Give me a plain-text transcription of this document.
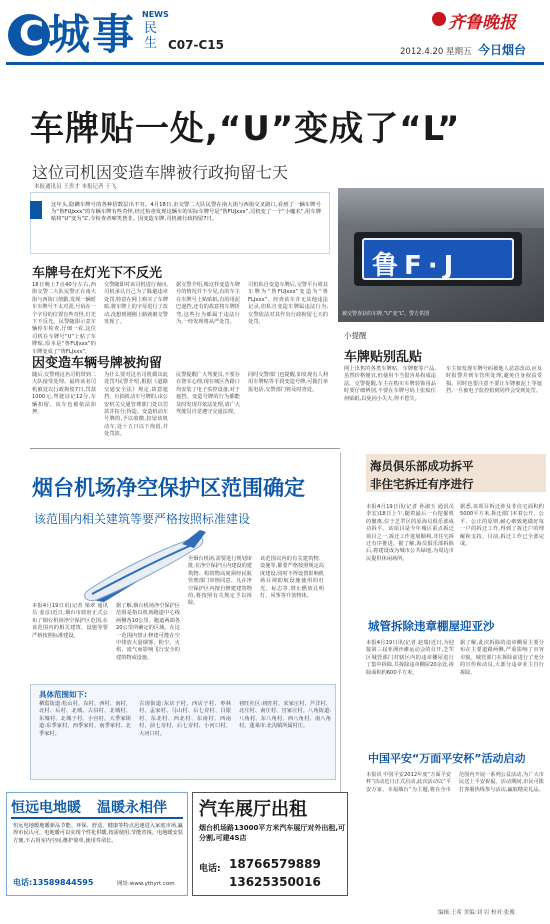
C 城事 NEWS
民生 C07-C15
齐鲁晚报
2012.4.20 星期五 今日烟台
车牌贴一处,“U”变成了“L”
这位司机因变造车牌被行政拘留七天
本报通讯员 王贵才 本报记者 于飞
这年头,隐瞒车牌号的各种招数层出不穷。4月18日,市交警二大队民警在南大街与西街交叉路口,看到了一辆车牌号为“鲁FUJxxx”的车辆车牌有些奇怪,经过检查发现这辆车的实际车牌号是“鲁FUJxxx”,司机变了一个“小魔术”,用车牌贴将“U”变为“L”,令检查者啼笑皆非。因变造车牌,司机被行政拘留7日。
鲁F·J
被交警查获的车牌,“U”变“L”。警方供图
车牌号在灯光下不反光
18日晚上7点40分左右,西街交警二大队民警正在南大街与西街口值勤,发现一辆轿车车牌号不太对劲,号码在一个字母的位置有些奇怪,灯光下不反光。民警随即示意车辆停车检查,仔细一看,这位司机在车牌号“U”上贴了车牌贴,原本是“鲁FUJxxx”的车牌变成了“鲁FLJxxx”。
交警随即对该司机进行询问,司机承认自己为了躲避违章处罚,特意在网上购买了车牌贴,将车牌上的字母进行了改动,没想到刚刚上路就被交警发现了。
据交警介绍,像这样变造车牌号的情况并不少见,有的车主在车牌号上贴贴纸,有的用泥巴遮挡,还有的故意将车牌折弯,这些行为都属于违法行为,一经发现将从严处罚。
司机私自变造车牌后,交警平台将其车牌为“鲁FUJxxx”变造为“鲁FLJxxx”。经查该车并无其他违法记录,但私自变造车牌属违法行为,交警依法对其作出行政拘留七天的处罚。
因变造车辆号牌被拘留
随后,交警将这名司机带到二大队接受处理。最终该名司机被处以行政拘留7日,罚款1000元,驾驶证记12分,车辆扣留。该车也被依法扣押。
为什么要对这名司机做出此处罚?民警介绍,根据《道路交通安全法》规定,故意遮挡、污损机动车号牌的,由公安机关交通管理部门处以罚款并扣分;伪造、变造机动车号牌的,予以收缴,扣留该机动车,处十五日以下拘留,并处罚款。
民警提醒广大驾驶员,不要存在侥幸心理,现在城区各路口均安装了电子监控设备,对于遮挡、变造号牌的行为都能及时发现并依法处理,请广大驾驶员自觉遵守交通法规。
同时交警部门也提醒,如发现有人利用车牌贴等手段变造号牌,可拨打举报电话,交警部门将及时查处。
小提醒
车牌贴别乱贴
网上出售的各类车牌贴、车牌框等产品,虽然价格便宜,但使用不当很容易构成违法。交警提醒,车主在购买车牌装饰用品时要仔细辨别,不要在车牌号码上张贴任何贴纸,以免因小失大,得不偿失。
车主如发现车牌号码被他人恶意改动,应及时报警并到车管所处理,避免自身权益受损。同时也要注意不要让车牌被泥土等遮挡,一旦被电子监控拍到同样会受到处罚。
烟台机场净空保护区范围确定
该范围内相关建筑等要严格按照标准建设
本报4月19日讯(记者 梁翠 通讯员 姜彦)近日,烟台市政府正式公布了烟台机场净空保护区范围,在该范围内的相关建筑、设施等要严格按照标准建设。
据了解,烟台机场净空保护区范围是指以机场跑道中心线两侧各10公里、跑道两端各20公里所确定的区域。在这一范围内禁止修建可能在空中排放大量烟雾、粉尘、火焰、废气而影响飞行安全的建筑物或设施。
至烟台机场,需要进行规划审批,在净空保护区内建设的建筑物、构筑物高度须经民航管理部门审核同意。凡在净空保护区内擅自修建建筑物的,将按照有关规定予以拆除。
该范围以内的有关建筑物、设施等,都要严格按照规定高度建设,同时不得设置影响机场目视助航设施使用的灯光、标志等,禁止燃放孔明灯、风筝等升放物体。
具体范围如下:
栖霞街道:松山村、东村、西村、南村、北村、后村、北城、古县村、北城村、东城村、北城子村、小官村。大季家街道:东季家村、西季家村、南季家村、北季家村。
古现街道:东店子村、西店子村、枣林村、孟家村、马山村、后七夼村、白银村、东北村、西北村、东南村、西南村、前七夼村、后七夼村、小河口村、大河口村。
初旺社区:初旺村、宋家庄村、芦洋村、北庄村、南庄村、宫家庄村。八角街道:八角村、东八角村、西八角村、南八角村。蓬莱市:北沟镇所属村庄。
海员俱乐部成功拆平
非住宅拆迁有序进行
本报4月19日讯(记者 孙淑玉 通讯员 李宏)18日上午,随着最后一台挖掘机的撤离,位于芝罘区的原海员俱乐部成功拆平。该项目是今年城区重点拆迁项目之一,拆迁工作进展顺利,非住宅拆迁有序推进。据了解,海员俱乐部拆除后,将建设成为城市公共绿地,为周边市民提供休闲场所。
据悉,该项目拆迁涉及非住宅面积约5000平方米,拆迁部门本着公开、公平、公正的原则,耐心细致地做好每一户的拆迁工作,得到了拆迁户的理解和支持。目前,拆迁工作已全部完成。
城管拆除违章棚屋迎亚沙
本报4月19日讯(记者 赵瑞)近日,为迎接第三届亚洲沙滩运动会的召开,芝罘区城管部门对辖区内的违章棚屋进行了集中拆除,共拆除违章棚屋20余处,拆除面积约600平方米。
据了解,此次拆除的违章棚屋主要分布在主要道路两侧,严重影响了市容市貌。城管部门在拆除前进行了充分的宣传和动员,大部分违章业主自行拆除。
中国平安“万面平安杯”活动启动
本报讯 中国平安2012年度“万面平安杯”活动近日正式启动,此次活动以“平安万家、幸福烟台”为主题,将在全市范围内开展一系列公益活动,为广大市民送上平安祝福。活动期间,市民可拨打客服热线参与活动,赢取精美礼品。
编辑:王希 美编:刘 岩 校对:张俊
恒远电地暖 温暖永相伴
恒远电地暖地暖新品节能、环保、舒适、健康等特点迅速进入家庭市场,赢得市民认可。电地暖可以实现个性化供暖,按需使用,节能省钱。电地暖安装方便,不占用室内空间,维护简单,使用寿命长。
电话:13589844595	网址:www.ythyrt.com
汽车展厅出租
烟台机场路13000平方米汽车展厅对外出租,可分割,可建4S店
电话: 18766579889
13625350016
